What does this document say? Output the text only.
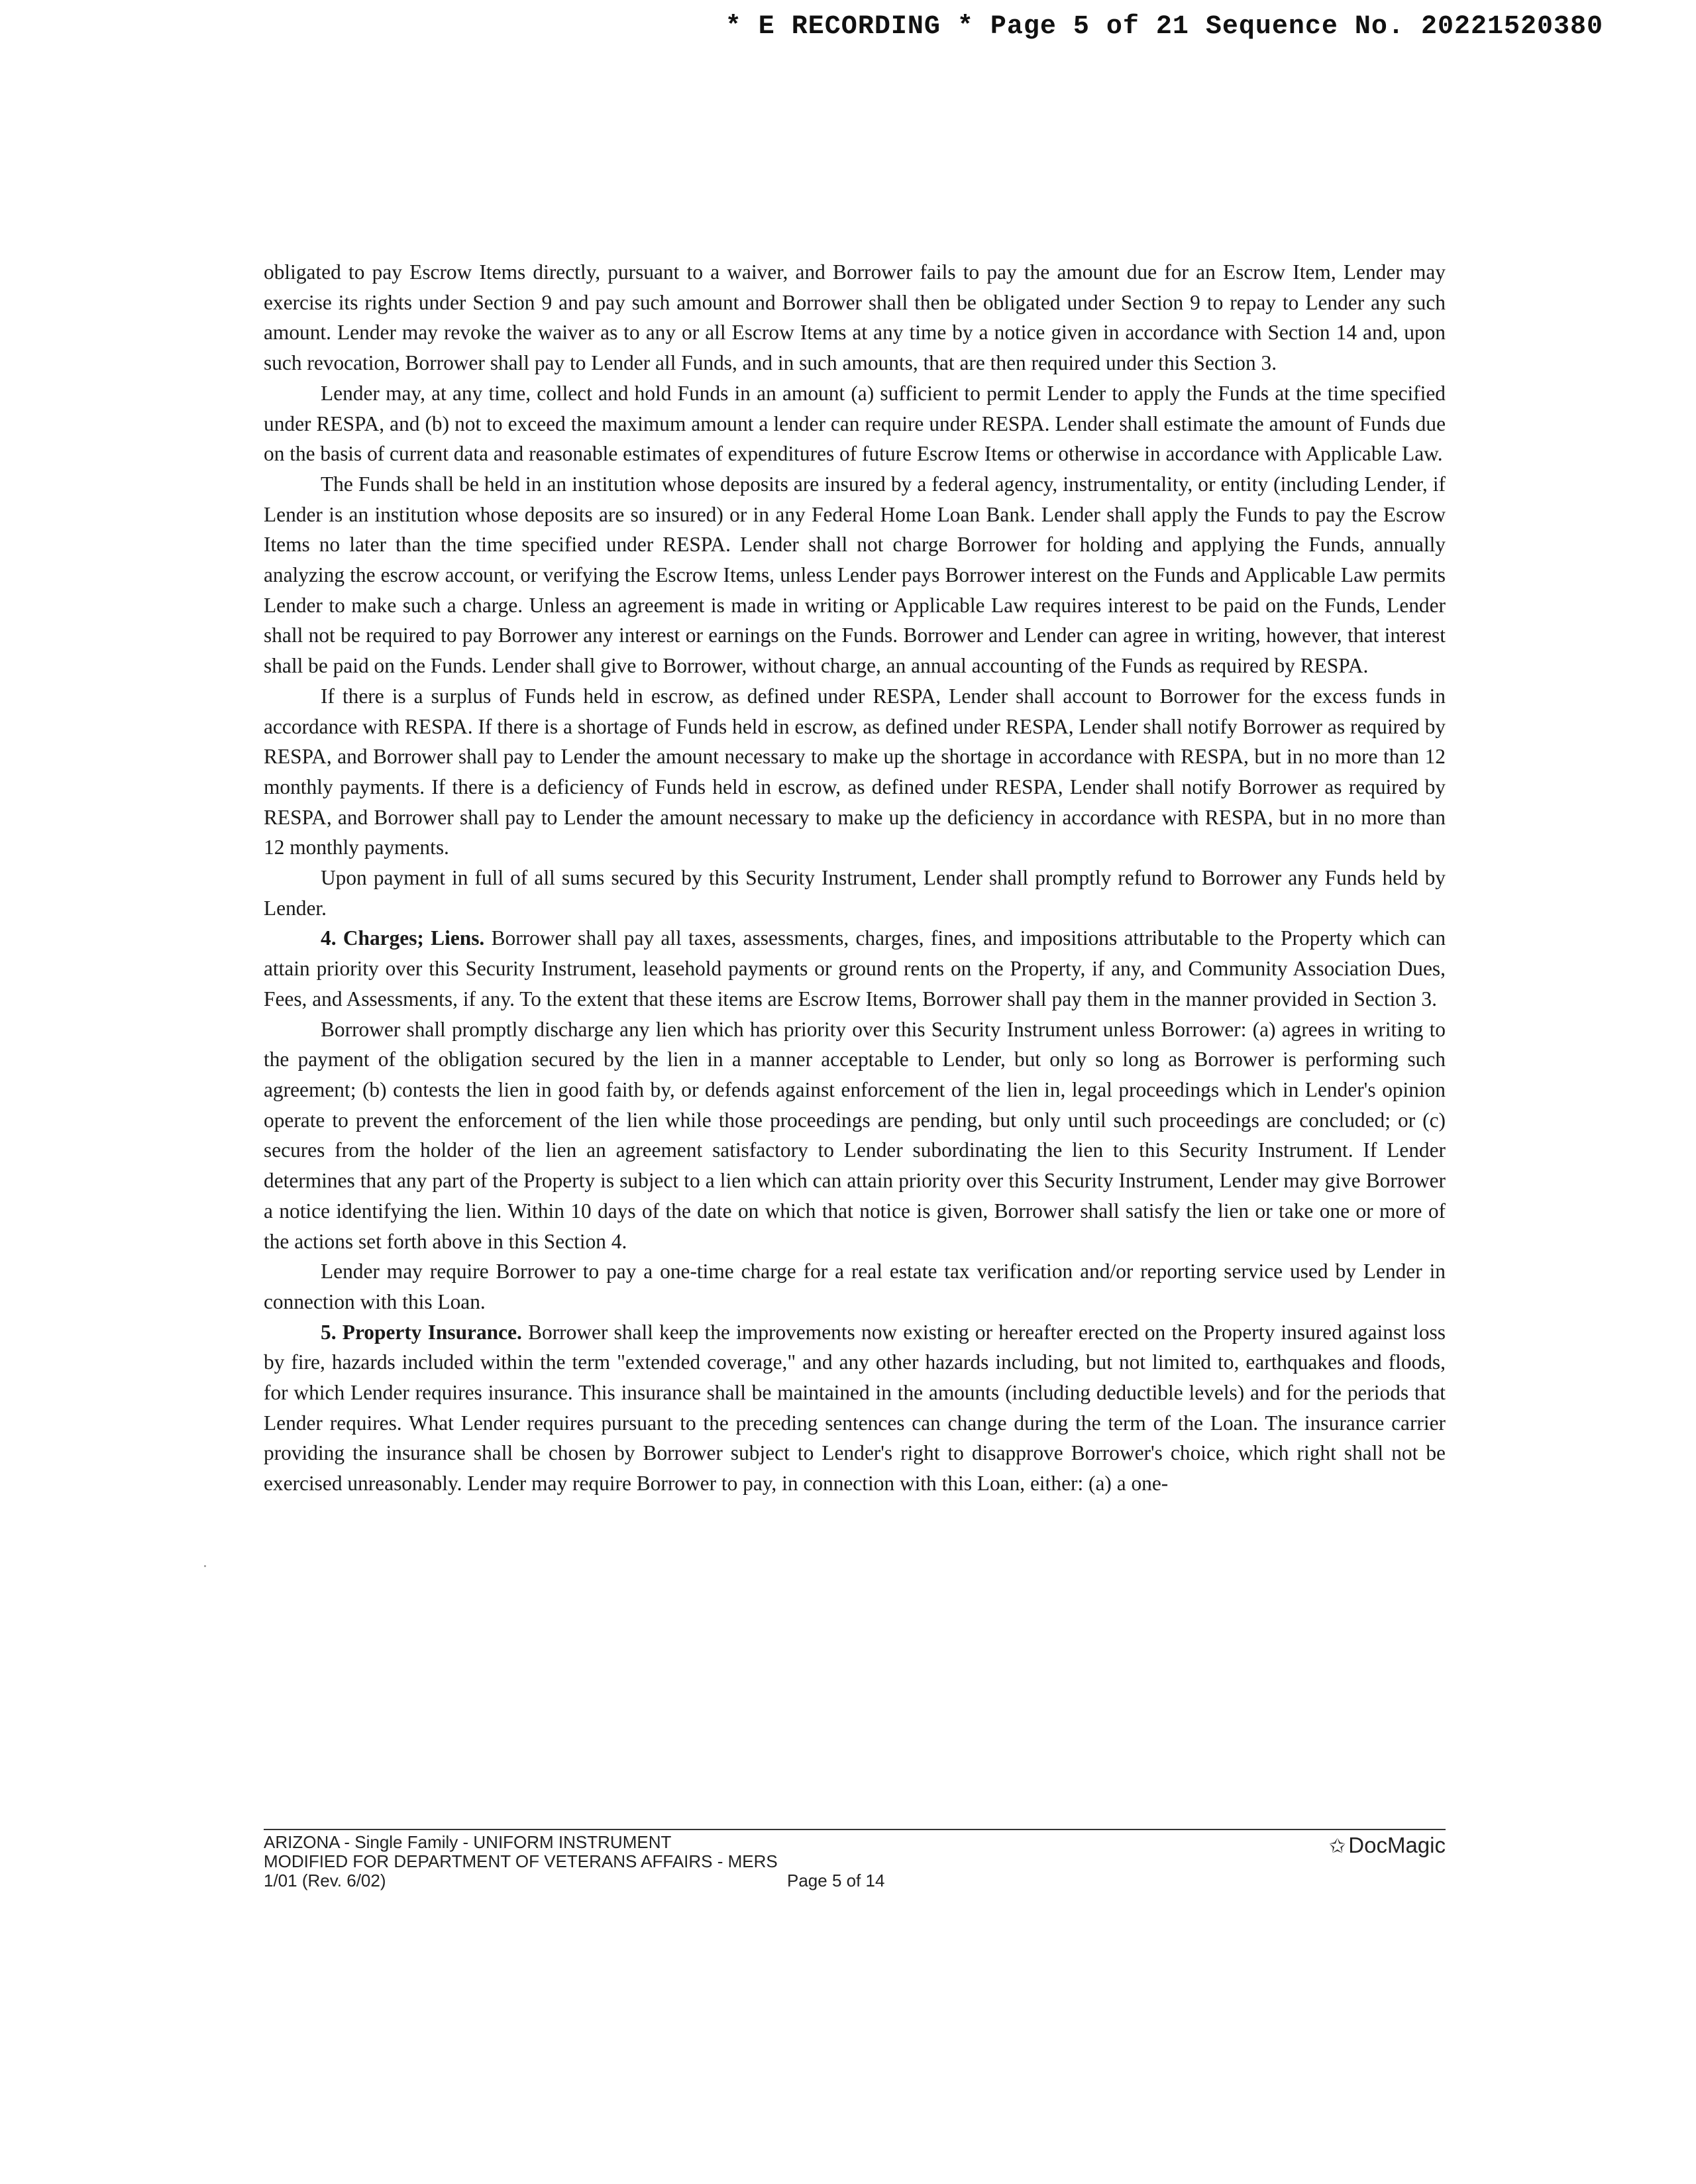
* E RECORDING * Page 5 of 21 Sequence No. 20221520380

obligated to pay Escrow Items directly, pursuant to a waiver, and Borrower fails to pay the amount due for an Escrow Item, Lender may exercise its rights under Section 9 and pay such amount and Borrower shall then be obligated under Section 9 to repay to Lender any such amount. Lender may revoke the waiver as to any or all Escrow Items at any time by a notice given in accordance with Section 14 and, upon such revocation, Borrower shall pay to Lender all Funds, and in such amounts, that are then required under this Section 3.

Lender may, at any time, collect and hold Funds in an amount (a) sufficient to permit Lender to apply the Funds at the time specified under RESPA, and (b) not to exceed the maximum amount a lender can require under RESPA. Lender shall estimate the amount of Funds due on the basis of current data and reasonable estimates of expenditures of future Escrow Items or otherwise in accordance with Applicable Law.

The Funds shall be held in an institution whose deposits are insured by a federal agency, instrumentality, or entity (including Lender, if Lender is an institution whose deposits are so insured) or in any Federal Home Loan Bank. Lender shall apply the Funds to pay the Escrow Items no later than the time specified under RESPA. Lender shall not charge Borrower for holding and applying the Funds, annually analyzing the escrow account, or verifying the Escrow Items, unless Lender pays Borrower interest on the Funds and Applicable Law permits Lender to make such a charge. Unless an agreement is made in writing or Applicable Law requires interest to be paid on the Funds, Lender shall not be required to pay Borrower any interest or earnings on the Funds. Borrower and Lender can agree in writing, however, that interest shall be paid on the Funds. Lender shall give to Borrower, without charge, an annual accounting of the Funds as required by RESPA.

If there is a surplus of Funds held in escrow, as defined under RESPA, Lender shall account to Borrower for the excess funds in accordance with RESPA. If there is a shortage of Funds held in escrow, as defined under RESPA, Lender shall notify Borrower as required by RESPA, and Borrower shall pay to Lender the amount necessary to make up the shortage in accordance with RESPA, but in no more than 12 monthly payments. If there is a deficiency of Funds held in escrow, as defined under RESPA, Lender shall notify Borrower as required by RESPA, and Borrower shall pay to Lender the amount necessary to make up the deficiency in accordance with RESPA, but in no more than 12 monthly payments.

Upon payment in full of all sums secured by this Security Instrument, Lender shall promptly refund to Borrower any Funds held by Lender.

4. Charges; Liens. Borrower shall pay all taxes, assessments, charges, fines, and impositions attributable to the Property which can attain priority over this Security Instrument, leasehold payments or ground rents on the Property, if any, and Community Association Dues, Fees, and Assessments, if any. To the extent that these items are Escrow Items, Borrower shall pay them in the manner provided in Section 3.

Borrower shall promptly discharge any lien which has priority over this Security Instrument unless Borrower: (a) agrees in writing to the payment of the obligation secured by the lien in a manner acceptable to Lender, but only so long as Borrower is performing such agreement; (b) contests the lien in good faith by, or defends against enforcement of the lien in, legal proceedings which in Lender's opinion operate to prevent the enforcement of the lien while those proceedings are pending, but only until such proceedings are concluded; or (c) secures from the holder of the lien an agreement satisfactory to Lender subordinating the lien to this Security Instrument. If Lender determines that any part of the Property is subject to a lien which can attain priority over this Security Instrument, Lender may give Borrower a notice identifying the lien. Within 10 days of the date on which that notice is given, Borrower shall satisfy the lien or take one or more of the actions set forth above in this Section 4.

Lender may require Borrower to pay a one-time charge for a real estate tax verification and/or reporting service used by Lender in connection with this Loan.

5. Property Insurance. Borrower shall keep the improvements now existing or hereafter erected on the Property insured against loss by fire, hazards included within the term "extended coverage," and any other hazards including, but not limited to, earthquakes and floods, for which Lender requires insurance. This insurance shall be maintained in the amounts (including deductible levels) and for the periods that Lender requires. What Lender requires pursuant to the preceding sentences can change during the term of the Loan. The insurance carrier providing the insurance shall be chosen by Borrower subject to Lender's right to disapprove Borrower's choice, which right shall not be exercised unreasonably. Lender may require Borrower to pay, in connection with this Loan, either: (a) a one-

ARIZONA - Single Family - UNIFORM INSTRUMENT
MODIFIED FOR DEPARTMENT OF VETERANS AFFAIRS - MERS
1/01 (Rev. 6/02)	Page 5 of 14
✩ DocMagic
